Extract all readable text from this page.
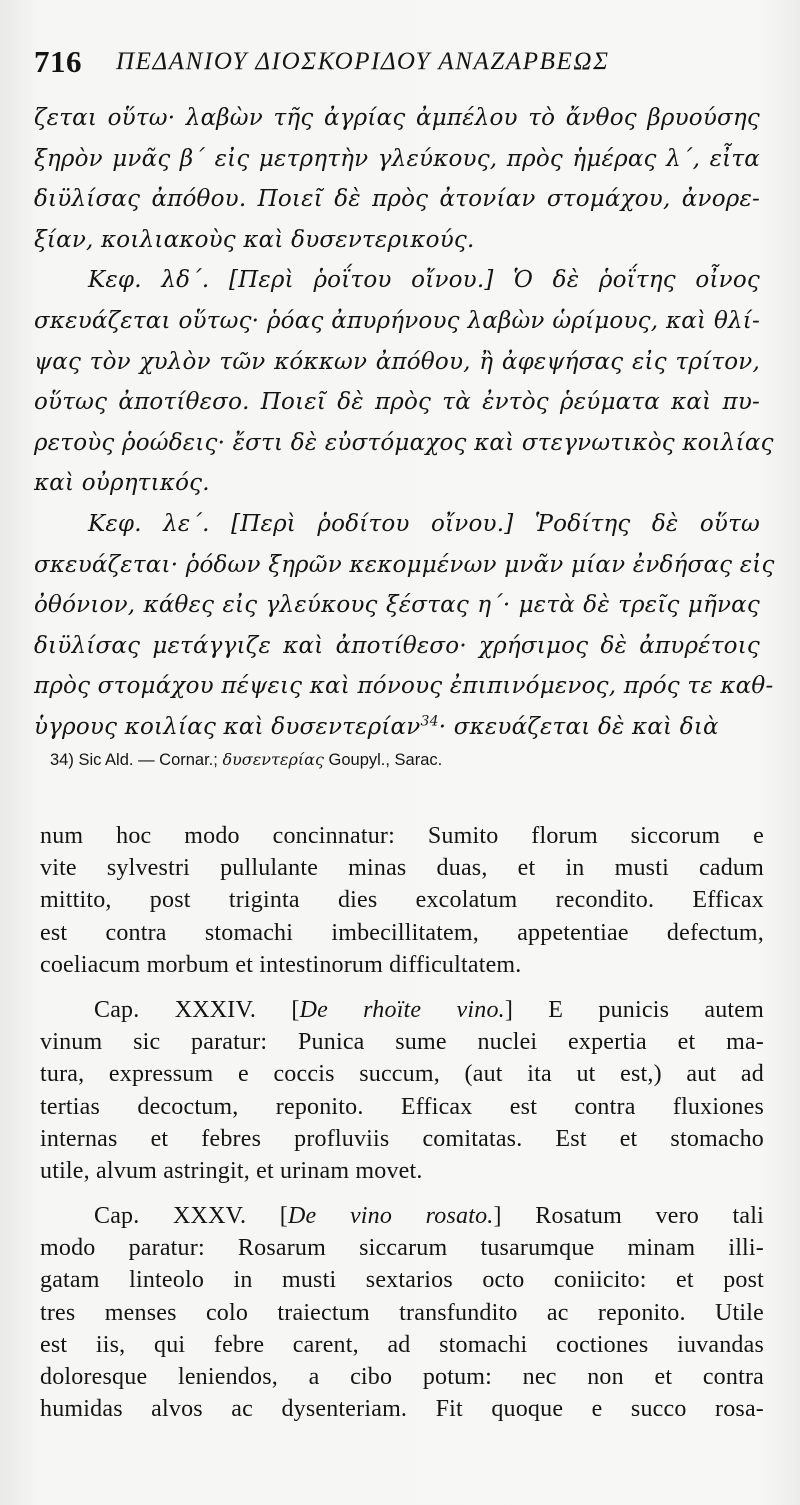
716 ΠΕΔΑΝΙΟΥ ΔΙΟΣΚΟΡΙΔΟΥ ΑΝΑΖΑΡΒΕΩΣ
ζεται οὕτω· λαβὼν τῆς ἀγρίας ἀμπέλου τὸ ἄνθος βρυούσης
ξηρὸν μνᾶς β΄ εἰς μετρητὴν γλεύκους, πρὸς ἡμέρας λ΄, εἶτα
διϋλίσας ἀπόθου. Ποιεῖ δὲ πρὸς ἀτονίαν στομάχου, ἀνορε-
ξίαν, κοιλιακοὺς καὶ δυσεντερικούς.
Κεφ. λδ΄. [Περὶ ῥοΐτου οἴνου.] Ὁ δὲ ῥοΐτης οἶνος
σκευάζεται οὕτως· ῥόας ἀπυρήνους λαβὼν ὡρίμους, καὶ θλί-
ψας τὸν χυλὸν τῶν κόκκων ἀπόθου, ἢ ἀφεψήσας εἰς τρίτον,
οὕτως ἀποτίθεσο. Ποιεῖ δὲ πρὸς τὰ ἐντὸς ῥεύματα καὶ πυ-
ρετοὺς ῥοώδεις· ἔστι δὲ εὐστόμαχος καὶ στεγνωτικὸς κοιλίας
καὶ οὐρητικός.
Κεφ. λε΄. [Περὶ ῥοδίτου οἴνου.] Ῥοδίτης δὲ οὕτω
σκευάζεται· ῥόδων ξηρῶν κεκομμένων μνᾶν μίαν ἐνδήσας εἰς
ὀθόνιον, κάθες εἰς γλεύκους ξέστας η΄· μετὰ δὲ τρεῖς μῆνας
διϋλίσας μετάγγιζε καὶ ἀποτίθεσο· χρήσιμος δὲ ἀπυρέτοις
πρὸς στομάχου πέψεις καὶ πόνους ἐπιπινόμενος, πρός τε καθ-
ὑγρους κοιλίας καὶ δυσεντερίαν$^{34}$· σκευάζεται δὲ καὶ διὰ
34) Sic Ald. — Cornar.; δυσεντερίας Goupyl., Sarac.
num hoc modo concinnatur: Sumito florum siccorum e
vite sylvestri pullulante minas duas, et in musti cadum
mittito, post triginta dies excolatum recondito. Efficax
est contra stomachi imbecillitatem, appetentiae defectum,
coeliacum morbum et intestinorum difficultatem.
Cap. XXXIV. [De rhoïte vino.] E punicis autem
vinum sic paratur: Punica sume nuclei expertia et ma-
tura, expressum e coccis succum, (aut ita ut est,) aut ad
tertias decoctum, reponito. Efficax est contra fluxiones
internas et febres profluviis comitatas. Est et stomacho
utile, alvum astringit, et urinam movet.
Cap. XXXV. [De vino rosato.] Rosatum vero tali
modo paratur: Rosarum siccarum tusarumque minam illi-
gatam linteolo in musti sextarios octo coniicito: et post
tres menses colo traiectum transfundito ac reponito. Utile
est iis, qui febre carent, ad stomachi coctiones iuvandas
doloresque leniendos, a cibo potum: nec non et contra
humidas alvos ac dysenteriam. Fit quoque e succo rosa-
